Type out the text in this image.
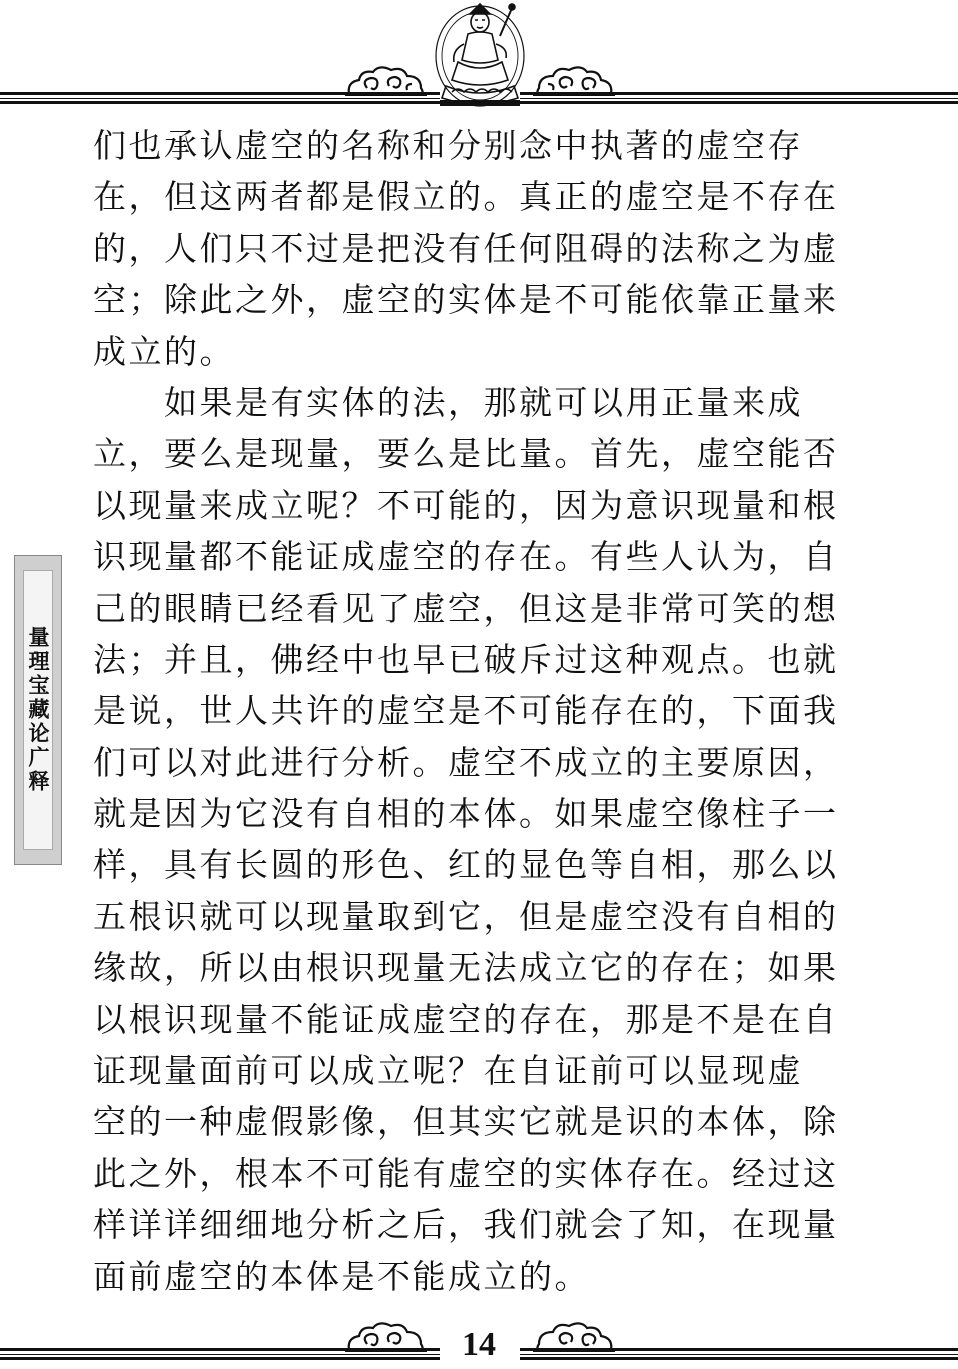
量理宝藏论广释
们也承认虚空的名称和分别念中执著的虚空存
在，但这两者都是假立的。真正的虚空是不存在
的，人们只不过是把没有任何阻碍的法称之为虚
空；除此之外，虚空的实体是不可能依靠正量来
成立的。
　　如果是有实体的法，那就可以用正量来成
立，要么是现量，要么是比量。首先，虚空能否
以现量来成立呢？不可能的，因为意识现量和根
识现量都不能证成虚空的存在。有些人认为，自
己的眼睛已经看见了虚空，但这是非常可笑的想
法；并且，佛经中也早已破斥过这种观点。也就
是说，世人共许的虚空是不可能存在的，下面我
们可以对此进行分析。虚空不成立的主要原因，
就是因为它没有自相的本体。如果虚空像柱子一
样，具有长圆的形色、红的显色等自相，那么以
五根识就可以现量取到它，但是虚空没有自相的
缘故，所以由根识现量无法成立它的存在；如果
以根识现量不能证成虚空的存在，那是不是在自
证现量面前可以成立呢？在自证前可以显现虚
空的一种虚假影像，但其实它就是识的本体，除
此之外，根本不可能有虚空的实体存在。经过这
样详详细细地分析之后，我们就会了知，在现量
面前虚空的本体是不能成立的。
14
